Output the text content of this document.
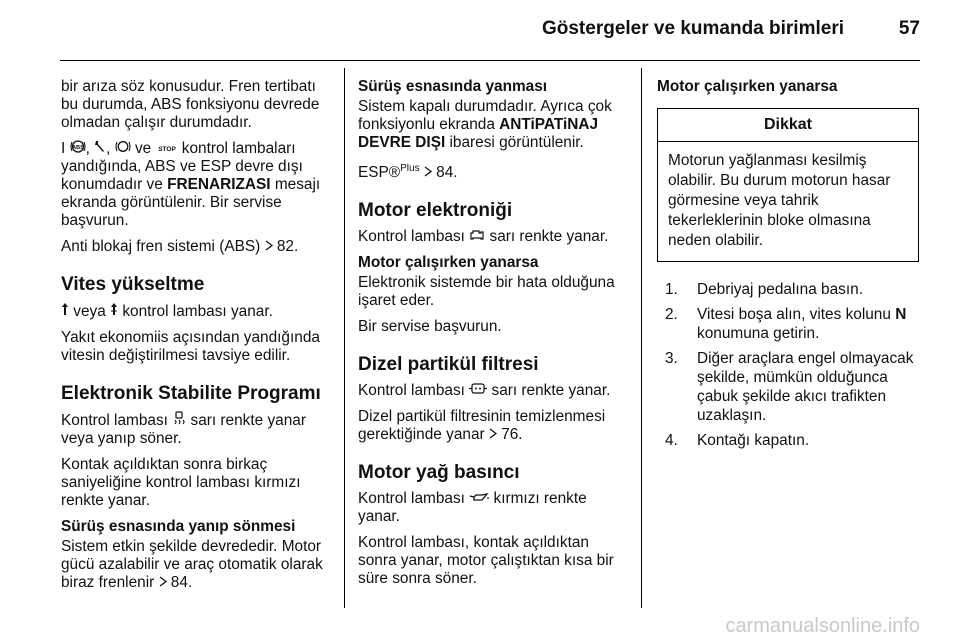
Göstergeler ve kumanda birimleri	57

bir arıza söz konusudur. Fren tertibatı bu durumda, ABS fonksiyonu devrede olmadan çalışır durumdadır.

I ABS , ,  ve STOP kontrol lambaları yandığında, ABS ve ESP devre dışı konumdadır ve FRENARIZASI mesajı ekranda görüntülenir. Bir servise başvurun.

Anti blokaj fren sistemi (ABS)  82.

Vites yükseltme

veya  kontrol lambası yanar.

Yakıt ekonomiis açısından yandığında vitesin değiştirilmesi tavsiye edilir.

Elektronik Stabilite Programı

Kontrol lambası  sarı renkte yanar veya yanıp söner.

Kontak açıldıktan sonra birkaç saniyeliğine kontrol lambası kırmızı renkte yanar.

Sürüş esnasında yanıp sönmesi

Sistem etkin şekilde devrededir. Motor gücü azalabilir ve araç otomatik olarak biraz frenlenir  84.

Sürüş esnasında yanması

Sistem kapalı durumdadır. Ayrıca çok fonksiyonlu ekranda ANTiPATiNAJ DEVRE DIŞI ibaresi görüntülenir.

ESP®$^{Plus}$ 84.

Motor elektroniği

Kontrol lambası  sarı renkte yanar.

Motor çalışırken yanarsa

Elektronik sistemde bir hata olduğuna işaret eder.

Bir servise başvurun.

Dizel partikül filtresi

Kontrol lambası  sarı renkte yanar.

Dizel partikül filtresinin temizlenmesi gerektiğinde yanar  76.

Motor yağ basıncı

Kontrol lambası  kırmızı renkte yanar.

Kontrol lambası, kontak açıldıktan sonra yanar, motor çalıştıktan kısa bir süre sonra söner.

Motor çalışırken yanarsa
Dikkat
Motorun yağlanması kesilmiş olabilir. Bu durum motorun hasar görmesine veya tahrik tekerleklerinin bloke olmasına neden olabilir.
1. Debriyaj pedalına basın.
2. Vitesi boşa alın, vites kolunu N konumuna getirin.
3. Diğer araçlara engel olmayacak şekilde, mümkün olduğunca çabuk şekilde akıcı trafikten uzaklaşın.
4. Kontağı kapatın.
carmanualsonline.info
